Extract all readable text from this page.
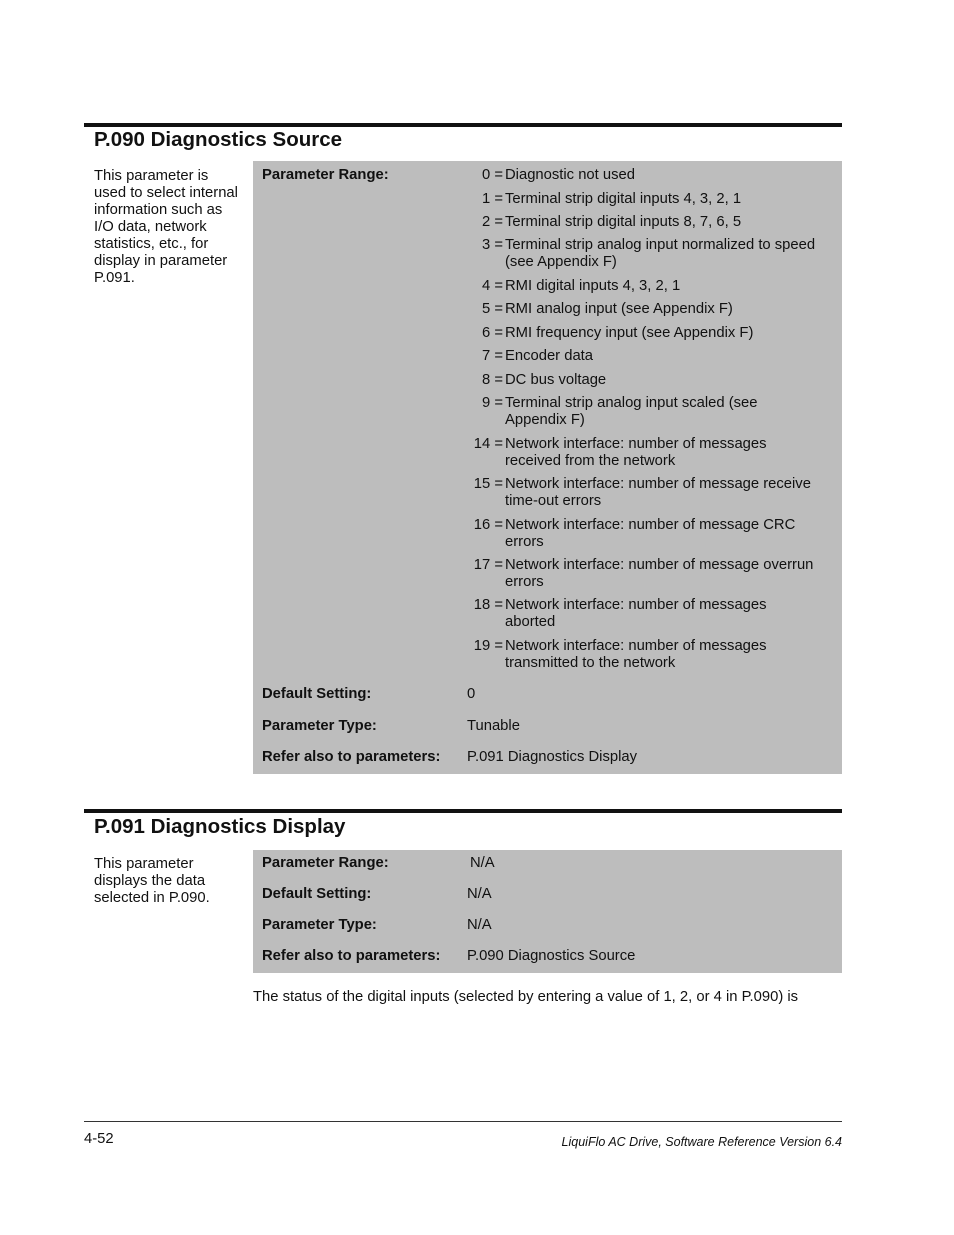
P.090 Diagnostics Source

This parameter is used to select internal information such as I/O data, network statistics, etc., for display in parameter P.091.

Parameter Range:	0 = Diagnostic not used
1 = Terminal strip digital inputs 4, 3, 2, 1
2 = Terminal strip digital inputs 8, 7, 6, 5
3 = Terminal strip analog input normalized to speed (see Appendix F)
4 = RMI digital inputs 4, 3, 2, 1
5 = RMI analog input (see Appendix F)
6 = RMI frequency input (see Appendix F)
7 = Encoder data
8 = DC bus voltage
9 = Terminal strip analog input scaled (see Appendix F)
14 = Network interface: number of messages received from the network
15 = Network interface: number of message receive time-out errors
16 = Network interface: number of message CRC errors
17 = Network interface: number of message overrun errors
18 = Network interface: number of messages aborted
19 = Network interface: number of messages transmitted to the network
Default Setting:	0
Parameter Type:	Tunable
Refer also to parameters: P.091 Diagnostics Display
P.091 Diagnostics Display

This parameter displays the data selected in P.090.

Parameter Range:	N/A
Default Setting:	N/A
Parameter Type:	N/A
Refer also to parameters: P.090 Diagnostics Source

The status of the digital inputs (selected by entering a value of 1, 2, or 4 in P.090) is

4-52	LiquiFlo AC Drive, Software Reference Version 6.4
